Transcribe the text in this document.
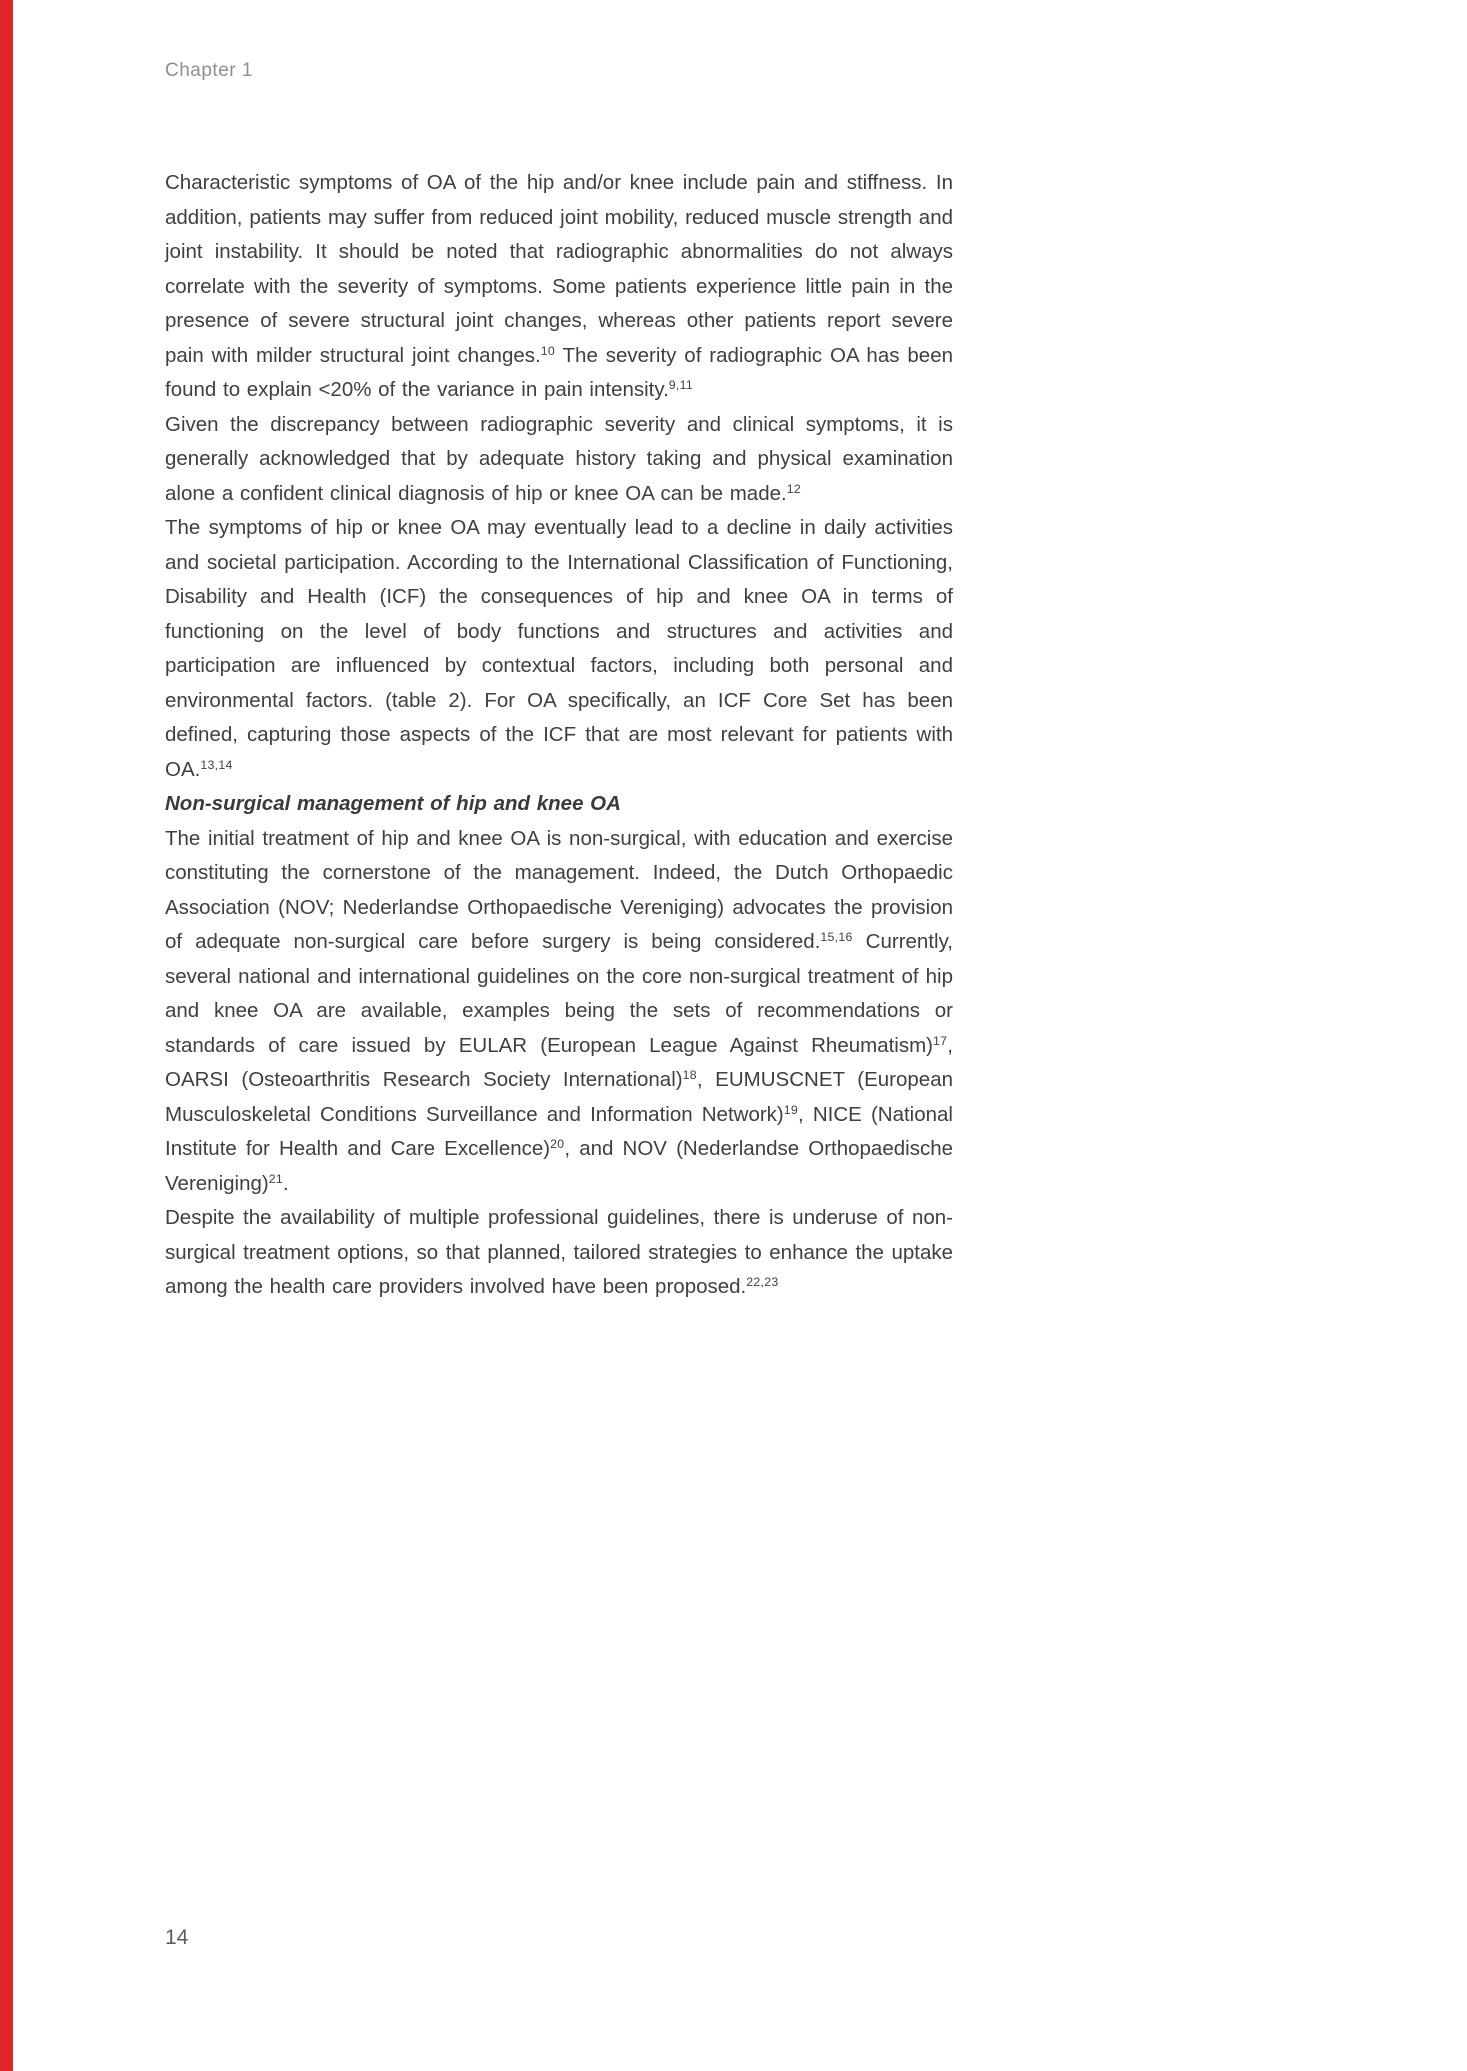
Chapter 1

Characteristic symptoms of OA of the hip and/or knee include pain and stiffness. In addition, patients may suffer from reduced joint mobility, reduced muscle strength and joint instability. It should be noted that radiographic abnormalities do not always correlate with the severity of symptoms. Some patients experience little pain in the presence of severe structural joint changes, whereas other patients report severe pain with milder structural joint changes.$^{10}$ The severity of radiographic OA has been found to explain <20% of the variance in pain intensity.$^{9,11}$

Given the discrepancy between radiographic severity and clinical symptoms, it is generally acknowledged that by adequate history taking and physical examination alone a confident clinical diagnosis of hip or knee OA can be made.$^{12}$

The symptoms of hip or knee OA may eventually lead to a decline in daily activities and societal participation. According to the International Classification of Functioning, Disability and Health (ICF) the consequences of hip and knee OA in terms of functioning on the level of body functions and structures and activities and participation are influenced by contextual factors, including both personal and environmental factors. (table 2). For OA specifically, an ICF Core Set has been defined, capturing those aspects of the ICF that are most relevant for patients with OA.$^{13,14}$

Non-surgical management of hip and knee OA

The initial treatment of hip and knee OA is non-surgical, with education and exercise constituting the cornerstone of the management. Indeed, the Dutch Orthopaedic Association (NOV; Nederlandse Orthopaedische Vereniging) advocates the provision of adequate non-surgical care before surgery is being considered.$^{15,16}$ Currently, several national and international guidelines on the core non-surgical treatment of hip and knee OA are available, examples being the sets of recommendations or standards of care issued by EULAR (European League Against Rheumatism)$^{17}$, OARSI (Osteoarthritis Research Society International)$^{18}$, EUMUSCNET (European Musculoskeletal Conditions Surveillance and Information Network)$^{19}$, NICE (National Institute for Health and Care Excellence)$^{20}$, and NOV (Nederlandse Orthopaedische Vereniging)$^{21}$.

Despite the availability of multiple professional guidelines, there is underuse of non-surgical treatment options, so that planned, tailored strategies to enhance the uptake among the health care providers involved have been proposed.$^{22,23}$

14
